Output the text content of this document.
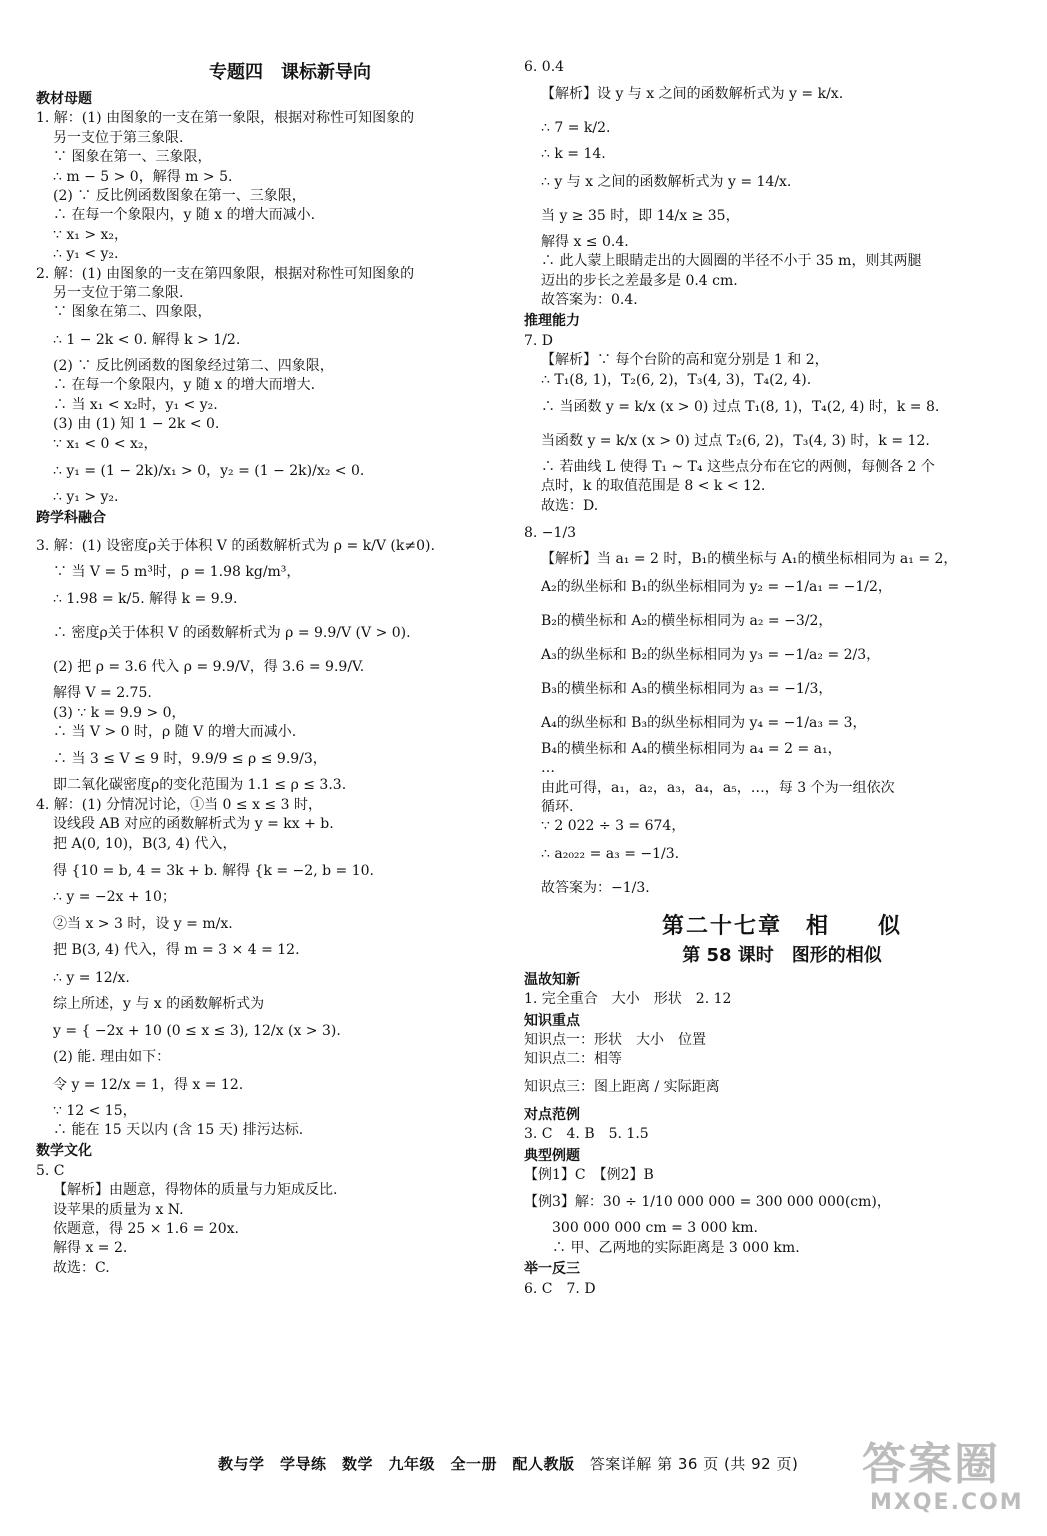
专题四　课标新导向
教材母题
1. 解：(1) 由图象的一支在第一象限，根据对称性可知图象的
另一支位于第三象限.
∵ 图象在第一、三象限，
∴ m − 5 > 0，解得 m > 5.
(2) ∵ 反比例函数图象在第一、三象限，
∴ 在每一个象限内，y 随 x 的增大而减小.
∵ x₁ > x₂，
∴ y₁ < y₂.
2. 解：(1) 由图象的一支在第四象限，根据对称性可知图象的
另一支位于第二象限.
∵ 图象在第二、四象限，
∴ 1 − 2k < 0. 解得 k > 1/2.
(2) ∵ 反比例函数的图象经过第二、四象限，
∴ 在每一个象限内，y 随 x 的增大而增大.
∴ 当 x₁ < x₂时，y₁ < y₂.
(3) 由 (1) 知 1 − 2k < 0.
∵ x₁ < 0 < x₂，
∴ y₁ = (1 − 2k)/x₁ > 0，y₂ = (1 − 2k)/x₂ < 0.
∴ y₁ > y₂.
跨学科融合
3. 解：(1) 设密度ρ关于体积 V 的函数解析式为 ρ = k/V (k≠0).
∵ 当 V = 5 m³时，ρ = 1.98 kg/m³，
∴ 1.98 = k/5. 解得 k = 9.9.
∴ 密度ρ关于体积 V 的函数解析式为 ρ = 9.9/V (V > 0).
(2) 把 ρ = 3.6 代入 ρ = 9.9/V，得 3.6 = 9.9/V.
解得 V = 2.75.
(3) ∵ k = 9.9 > 0，
∴ 当 V > 0 时，ρ 随 V 的增大而减小.
∴ 当 3 ≤ V ≤ 9 时，9.9/9 ≤ ρ ≤ 9.9/3，
即二氧化碳密度ρ的变化范围为 1.1 ≤ ρ ≤ 3.3.
4. 解：(1) 分情况讨论，①当 0 ≤ x ≤ 3 时，
设线段 AB 对应的函数解析式为 y = kx + b.
把 A(0, 10)，B(3, 4) 代入，
得 {10 = b, 4 = 3k + b. 解得 {k = −2, b = 10.
∴ y = −2x + 10；
②当 x > 3 时，设 y = m/x.
把 B(3, 4) 代入，得 m = 3 × 4 = 12.
∴ y = 12/x.
综上所述，y 与 x 的函数解析式为
y = { −2x + 10 (0 ≤ x ≤ 3), 12/x (x > 3).
(2) 能. 理由如下：
令 y = 12/x = 1，得 x = 12.
∵ 12 < 15，
∴ 能在 15 天以内 (含 15 天) 排污达标.
数学文化
5. C
【解析】由题意，得物体的质量与力矩成反比.
设苹果的质量为 x N.
依题意，得 25 × 1.6 = 20x.
解得 x = 2.
故选：C.
6. 0.4
【解析】设 y 与 x 之间的函数解析式为 y = k/x.
∴ 7 = k/2.
∴ k = 14.
∴ y 与 x 之间的函数解析式为 y = 14/x.
当 y ≥ 35 时，即 14/x ≥ 35，
解得 x ≤ 0.4.
∴ 此人蒙上眼睛走出的大圆圈的半径不小于 35 m，则其两腿
迈出的步长之差最多是 0.4 cm.
故答案为：0.4.
推理能力
7. D
【解析】∵ 每个台阶的高和宽分别是 1 和 2，
∴ T₁(8, 1)，T₂(6, 2)，T₃(4, 3)，T₄(2, 4).
∴ 当函数 y = k/x (x > 0) 过点 T₁(8, 1)，T₄(2, 4) 时，k = 8.
当函数 y = k/x (x > 0) 过点 T₂(6, 2)，T₃(4, 3) 时，k = 12.
∴ 若曲线 L 使得 T₁ ~ T₄ 这些点分布在它的两侧，每侧各 2 个
点时，k 的取值范围是 8 < k < 12.
故选：D.
8. −1/3
【解析】当 a₁ = 2 时，B₁的横坐标与 A₁的横坐标相同为 a₁ = 2，
A₂的纵坐标和 B₁的纵坐标相同为 y₂ = −1/a₁ = −1/2，
B₂的横坐标和 A₂的横坐标相同为 a₂ = −3/2，
A₃的纵坐标和 B₂的纵坐标相同为 y₃ = −1/a₂ = 2/3，
B₃的横坐标和 A₃的横坐标相同为 a₃ = −1/3，
A₄的纵坐标和 B₃的纵坐标相同为 y₄ = −1/a₃ = 3，
B₄的横坐标和 A₄的横坐标相同为 a₄ = 2 = a₁，
…
由此可得，a₁，a₂，a₃，a₄，a₅，…，每 3 个为一组依次
循环.
∵ 2 022 ÷ 3 = 674，
∴ a₂₀₂₂ = a₃ = −1/3.
故答案为：−1/3.
第二十七章　相　　似
第 58 课时　图形的相似
温故知新
1. 完全重合　大小　形状　2. 12
知识重点
知识点一：形状　大小　位置
知识点二：相等
知识点三：图上距离 / 实际距离
对点范例
3. C　4. B　5. 1.5
典型例题
【例1】C　【例2】B
【例3】解：30 ÷ 1/10 000 000 = 300 000 000(cm)，
300 000 000 cm = 3 000 km.
∴ 甲、乙两地的实际距离是 3 000 km.
举一反三
6. C　7. D
教与学　学导练　数学　九年级　全一册　配人教版 答案详解 第 36 页 (共 92 页) 答案圈
MXQE.COM
